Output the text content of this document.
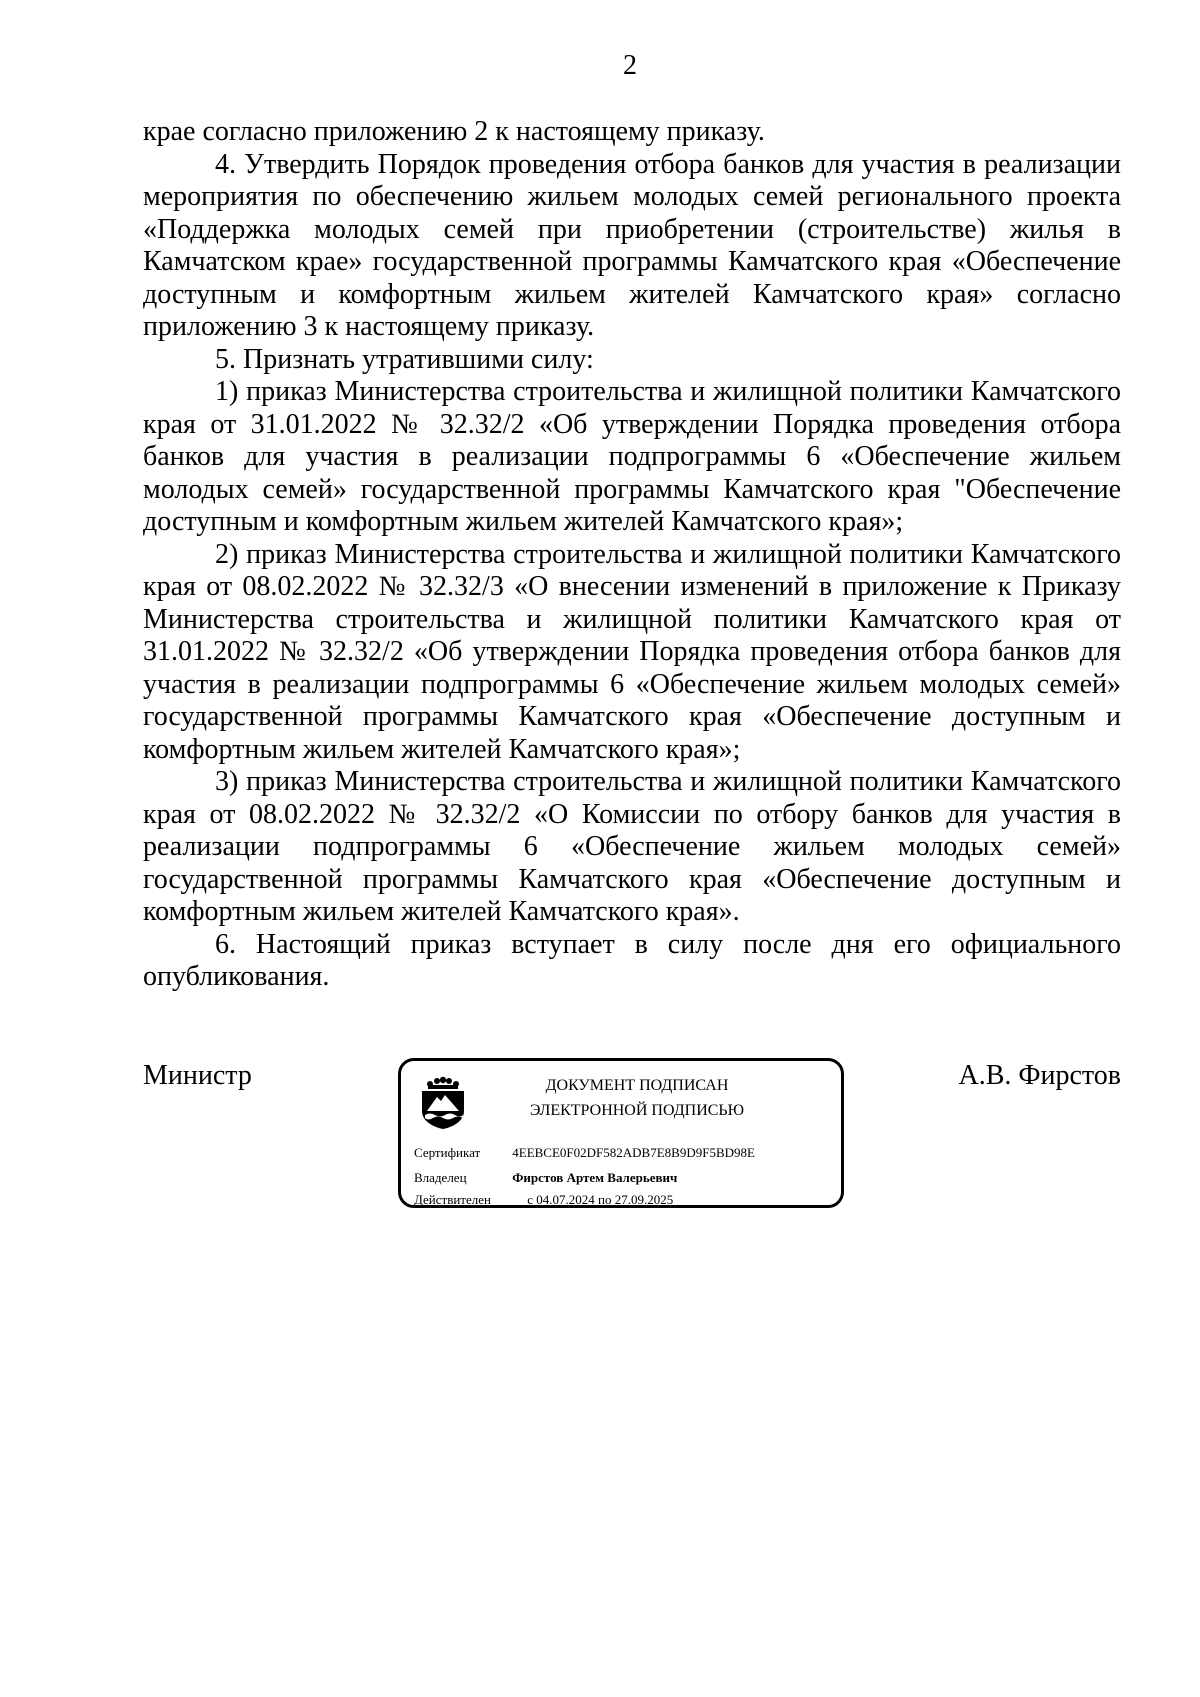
2

крае согласно приложению 2 к настоящему приказу.

4. Утвердить Порядок проведения отбора банков для участия в реализации мероприятия по обеспечению жильем молодых семей регионального проекта «Поддержка молодых семей при приобретении (строительстве) жилья в Камчатском крае» государственной программы Камчатского края «Обеспечение доступным и комфортным жильем жителей Камчатского края» согласно приложению 3 к настоящему приказу.

5. Признать утратившими силу:

1) приказ Министерства строительства и жилищной политики Камчатского края от 31.01.2022 № 32.32/2 «Об утверждении Порядка проведения отбора банков для участия в реализации подпрограммы 6 «Обеспечение жильем молодых семей» государственной программы Камчатского края "Обеспечение доступным и комфортным жильем жителей Камчатского края»;

2) приказ Министерства строительства и жилищной политики Камчатского края от 08.02.2022 № 32.32/3 «О внесении изменений в приложение к Приказу Министерства строительства и жилищной политики Камчатского края от 31.01.2022 № 32.32/2 «Об утверждении Порядка проведения отбора банков для участия в реализации подпрограммы 6 «Обеспечение жильем молодых семей» государственной программы Камчатского края «Обеспечение доступным и комфортным жильем жителей Камчатского края»;

3) приказ Министерства строительства и жилищной политики Камчатского края от 08.02.2022 № 32.32/2 «О Комиссии по отбору банков для участия в реализации подпрограммы 6 «Обеспечение жильем молодых семей» государственной программы Камчатского края «Обеспечение доступным и комфортным жильем жителей Камчатского края».

6. Настоящий приказ вступает в силу после дня его официального опубликования.

Министр	ДОКУМЕНТ ПОДПИСАН
ЭЛЕКТРОННОЙ ПОДПИСЬЮ
Сертификат 4EEBCE0F02DF582ADB7E8B9D9F5BD98E
Владелец	Фирстов Артем Валерьевич
Действителен	с 04.07.2024 по 27.09.2025
А.В. Фирстов
